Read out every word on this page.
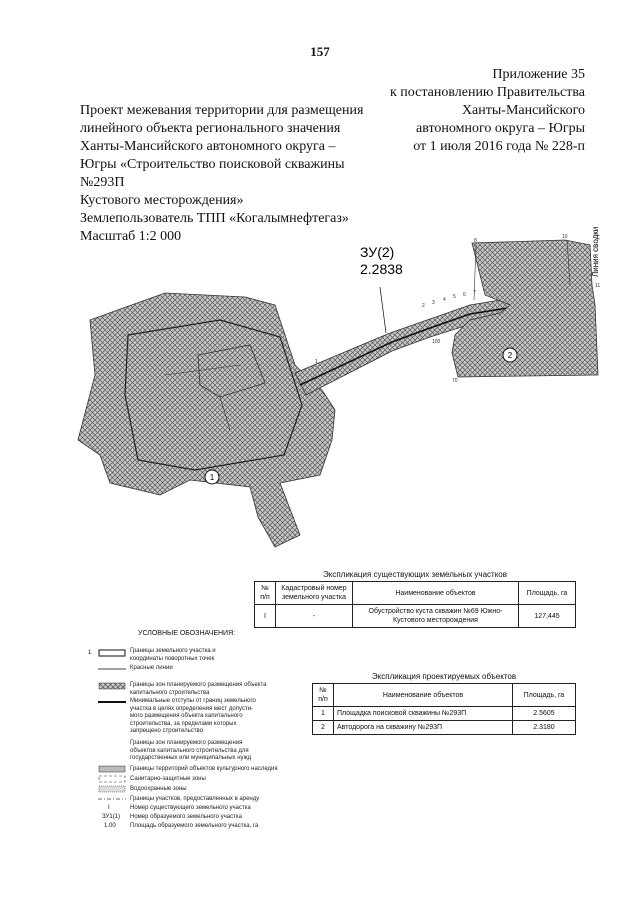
157
Приложение 35
к постановлению Правительства
Ханты-Мансийского
автономного округа – Югры
от 1 июля 2016 года № 228-п
Проект межевания территории для размещения
линейного объекта регионального значения
Ханты-Мансийского автономного округа –
Югры «Строительство поисковой скважины
№293П
Кустового месторождения»
Землепользователь ТПП «Когалымнефтегаз»
Масштаб 1:2 000
ЗУ(2)
2.2838	Линия сводки
1
2
1
2 3 4 5 6 7
8
10
11
100
70
Экспликация существующих земельных участков
№ п/п	Кадастровый номер земельного участка	Наименование объектов	Площадь, га
I	-	Обустройство куста скважин №69 Южно-Кустового месторождения	127,445
УСЛОВНЫЕ ОБОЗНАЧЕНИЯ:
1	Границы земельного участка и
координаты поворотных точек
Красные линии
Границы зон планируемого размещения объекта
капитального строительства
Минимальные отступы от границ земельного
участка в целях определения мест допусти-
мого размещения объекта капитального
строительства, за пределами которых
запрещено строительство
Границы зон планируемого размещения
объектов капитального строительства для
государственных или муниципальных нужд
Границы территорий объектов культурного наследия
Санитарно-защитные зоны
Водоохранные зоны
Границы участков, предоставленных в аренду
I	Номер существующего земельного участка
ЗУ1(1) Номер образуемого земельного участка
1.00 Площадь образуемого земельного участка, га
Экспликация проектируемых объектов
№ п/п	Наименование объектов	Площадь, га
1	Площадка поисковой скважины №293П	2.5605
2	Автодорога на скважину №293П	2.3180
